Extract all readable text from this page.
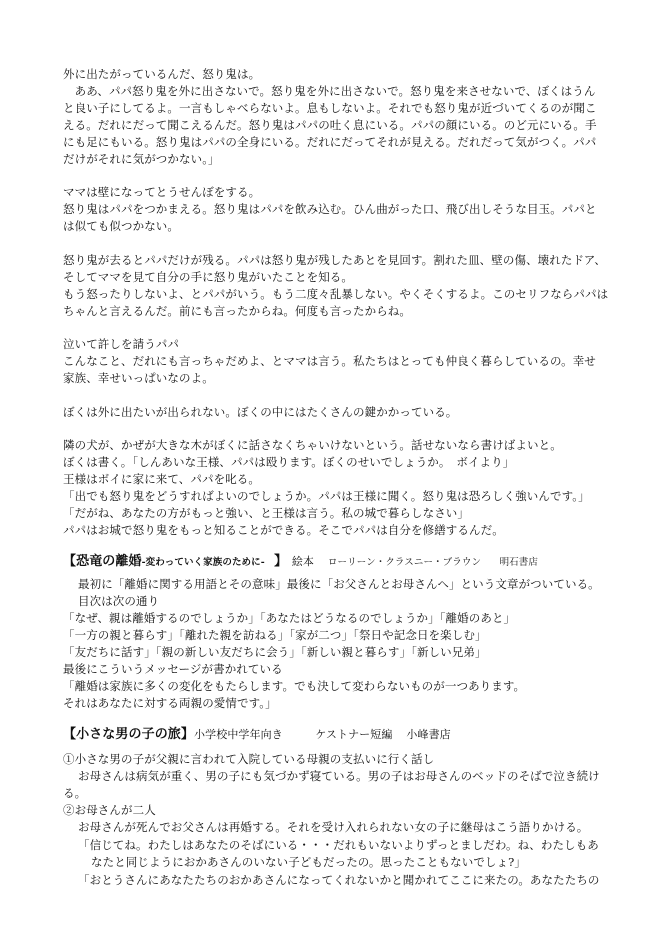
外に出たがっているんだ、怒り鬼は。
　ああ、パパ怒り鬼を外に出さないで。怒り鬼を外に出さないで。怒り鬼を来させないで、ぼくはうん
と良い子にしてるよ。一言もしゃべらないよ。息もしないよ。それでも怒り鬼が近づいてくるのが聞こ
える。だれにだって聞こえるんだ。怒り鬼はパパの吐く息にいる。パパの顔にいる。のど元にいる。手
にも足にもいる。怒り鬼はパパの全身にいる。だれにだってそれが見える。だれだって気がつく。パパ
だけがそれに気がつかない。」
ママは壁になってとうせんぼをする。
怒り鬼はパパをつかまえる。怒り鬼はパパを飲み込む。ひん曲がった口、飛び出しそうな目玉。パパと
は似ても似つかない。
怒り鬼が去るとパパだけが残る。パパは怒り鬼が残したあとを見回す。割れた皿、壁の傷、壊れたドア、
そしてママを見て自分の手に怒り鬼がいたことを知る。
もう怒ったりしないよ、とパパがいう。もう二度々乱暴しない。やくそくするよ。このセリフならパパは
ちゃんと言えるんだ。前にも言ったからね。何度も言ったからね。
泣いて許しを請うパパ
こんなこと、だれにも言っちゃだめよ、とママは言う。私たちはとっても仲良く暮らしているの。幸せ
家族、幸せいっぱいなのよ。
ぼくは外に出たいが出られない。ぼくの中にはたくさんの鍵かかっている。
隣の犬が、かぜが大きな木がぼくに話さなくちゃいけないという。話せないなら書けばよいと。
ぼくは書く。「しんあいな王様、パパは殴ります。ぼくのせいでしょうか。　ボイより」
王様はボイに家に来て、パパを叱る。
「出でも怒り鬼をどうすればよいのでしょうか。パパは王様に聞く。怒り鬼は恐ろしく強いんです。」
「だがね、あなたの方がもっと強い、と王様は言う。私の城で暮らしなさい」
パパはお城で怒り鬼をもっと知ることができる。そこでパパは自分を修繕するんだ。
【恐竜の離婚-変わっていく家族のために- 】 絵本 ローリーン・クラスニー・ブラウン 明石書店
最初に「離婚に関する用語とその意味」最後に「お父さんとお母さんへ」という文章がついている。
目次は次の通り
「なぜ、親は離婚するのでしょうか」「あなたはどうなるのでしょうか」「離婚のあと」
「一方の親と暮らす」「離れた親を訪ねる」「家が二つ」「祭日や記念日を楽しむ」
「友だちに話す」「親の新しい友だちに会う」「新しい親と暮らす」「新しい兄弟」
最後にこういうメッセージが書かれている
「離婚は家族に多くの変化をもたらします。でも決して変わらないものが一つあります。
それはあなたに対する両親の愛情です。」
【小さな男の子の旅】小学校中学年向き	ケストナー短編 小峰書店
①小さな男の子が父親に言われて入院している母親の支払いに行く話し
お母さんは病気が重く、男の子にも気づかず寝ている。男の子はお母さんのベッドのそばで泣き続け
る。
②お母さんが二人
お母さんが死んでお父さんは再婚する。それを受け入れられない女の子に継母はこう語りかける。
「信じてね。わたしはあなたのそばにいる・・・だれもいないよりずっとましだわ。ね、わたしもあ
なたと同じようにおかあさんのいない子どもだったの。思ったこともないでしょ?」
「おとうさんにあなたたちのおかあさんになってくれないかと聞かれてここに来たの。あなたたちの
